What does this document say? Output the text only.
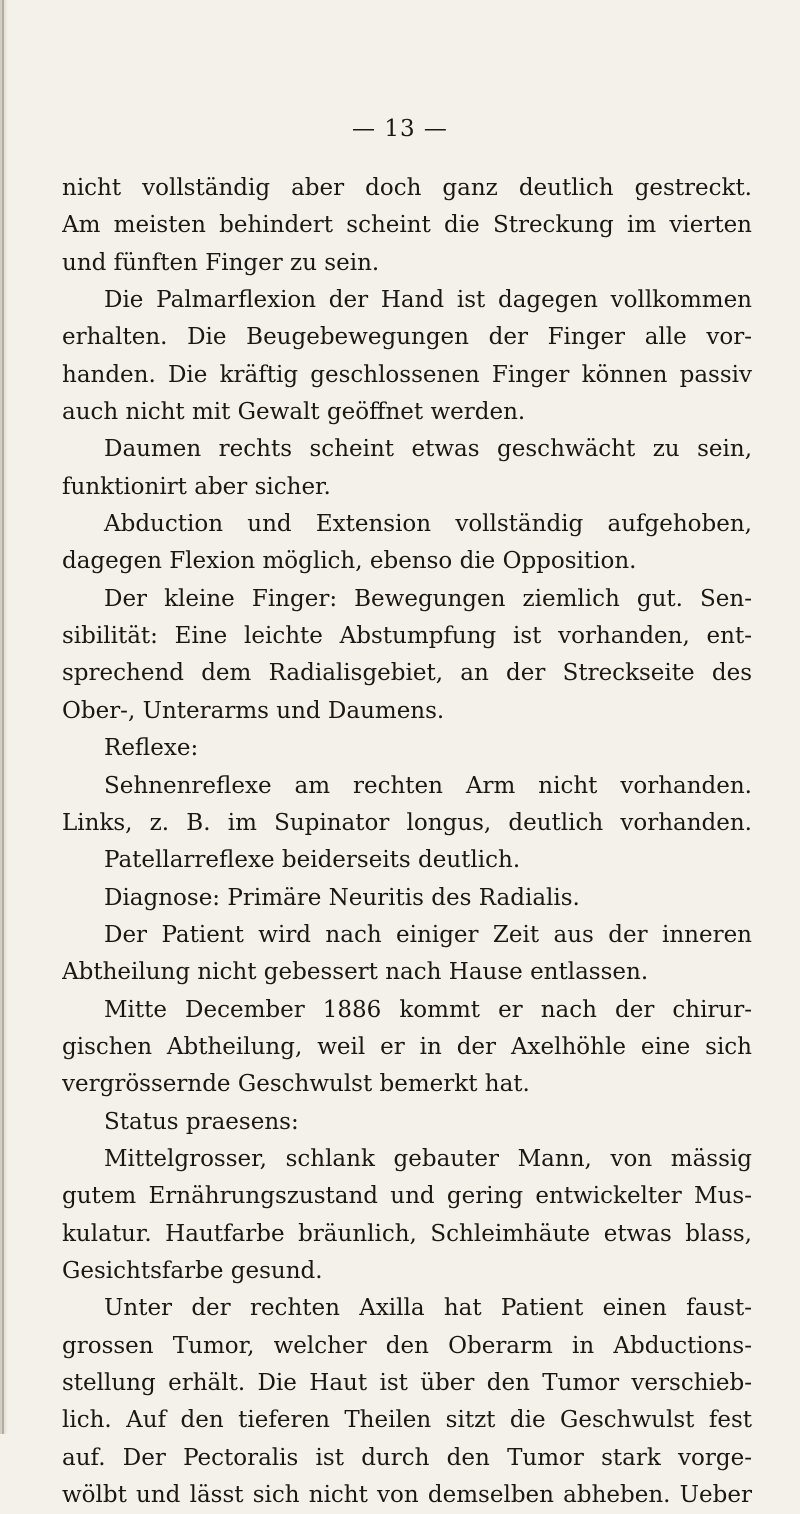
— 13 —
nicht vollständig aber doch ganz deutlich gestreckt.
Am meisten behindert scheint die Streckung im vierten
und fünften Finger zu sein.
Die Palmarflexion der Hand ist dagegen vollkommen
erhalten. Die Beugebewegungen der Finger alle vor-
handen. Die kräftig geschlossenen Finger können passiv
auch nicht mit Gewalt geöffnet werden.
Daumen rechts scheint etwas geschwächt zu sein,
funktionirt aber sicher.
Abduction und Extension vollständig aufgehoben,
dagegen Flexion möglich, ebenso die Opposition.
Der kleine Finger: Bewegungen ziemlich gut. Sen-
sibilität: Eine leichte Abstumpfung ist vorhanden, ent-
sprechend dem Radialisgebiet, an der Streckseite des
Ober-, Unterarms und Daumens.
Reflexe:
Sehnenreflexe am rechten Arm nicht vorhanden.
Links, z. B. im Supinator longus, deutlich vorhanden.
Patellarreflexe beiderseits deutlich.
Diagnose: Primäre Neuritis des Radialis.
Der Patient wird nach einiger Zeit aus der inneren
Abtheilung nicht gebessert nach Hause entlassen.
Mitte December 1886 kommt er nach der chirur-
gischen Abtheilung, weil er in der Axelhöhle eine sich
vergrössernde Geschwulst bemerkt hat.
Status praesens:
Mittelgrosser, schlank gebauter Mann, von mässig
gutem Ernährungszustand und gering entwickelter Mus-
kulatur. Hautfarbe bräunlich, Schleimhäute etwas blass,
Gesichtsfarbe gesund.
Unter der rechten Axilla hat Patient einen faust-
grossen Tumor, welcher den Oberarm in Abductions-
stellung erhält. Die Haut ist über den Tumor verschieb-
lich. Auf den tieferen Theilen sitzt die Geschwulst fest
auf. Der Pectoralis ist durch den Tumor stark vorge-
wölbt und lässt sich nicht von demselben abheben. Ueber
